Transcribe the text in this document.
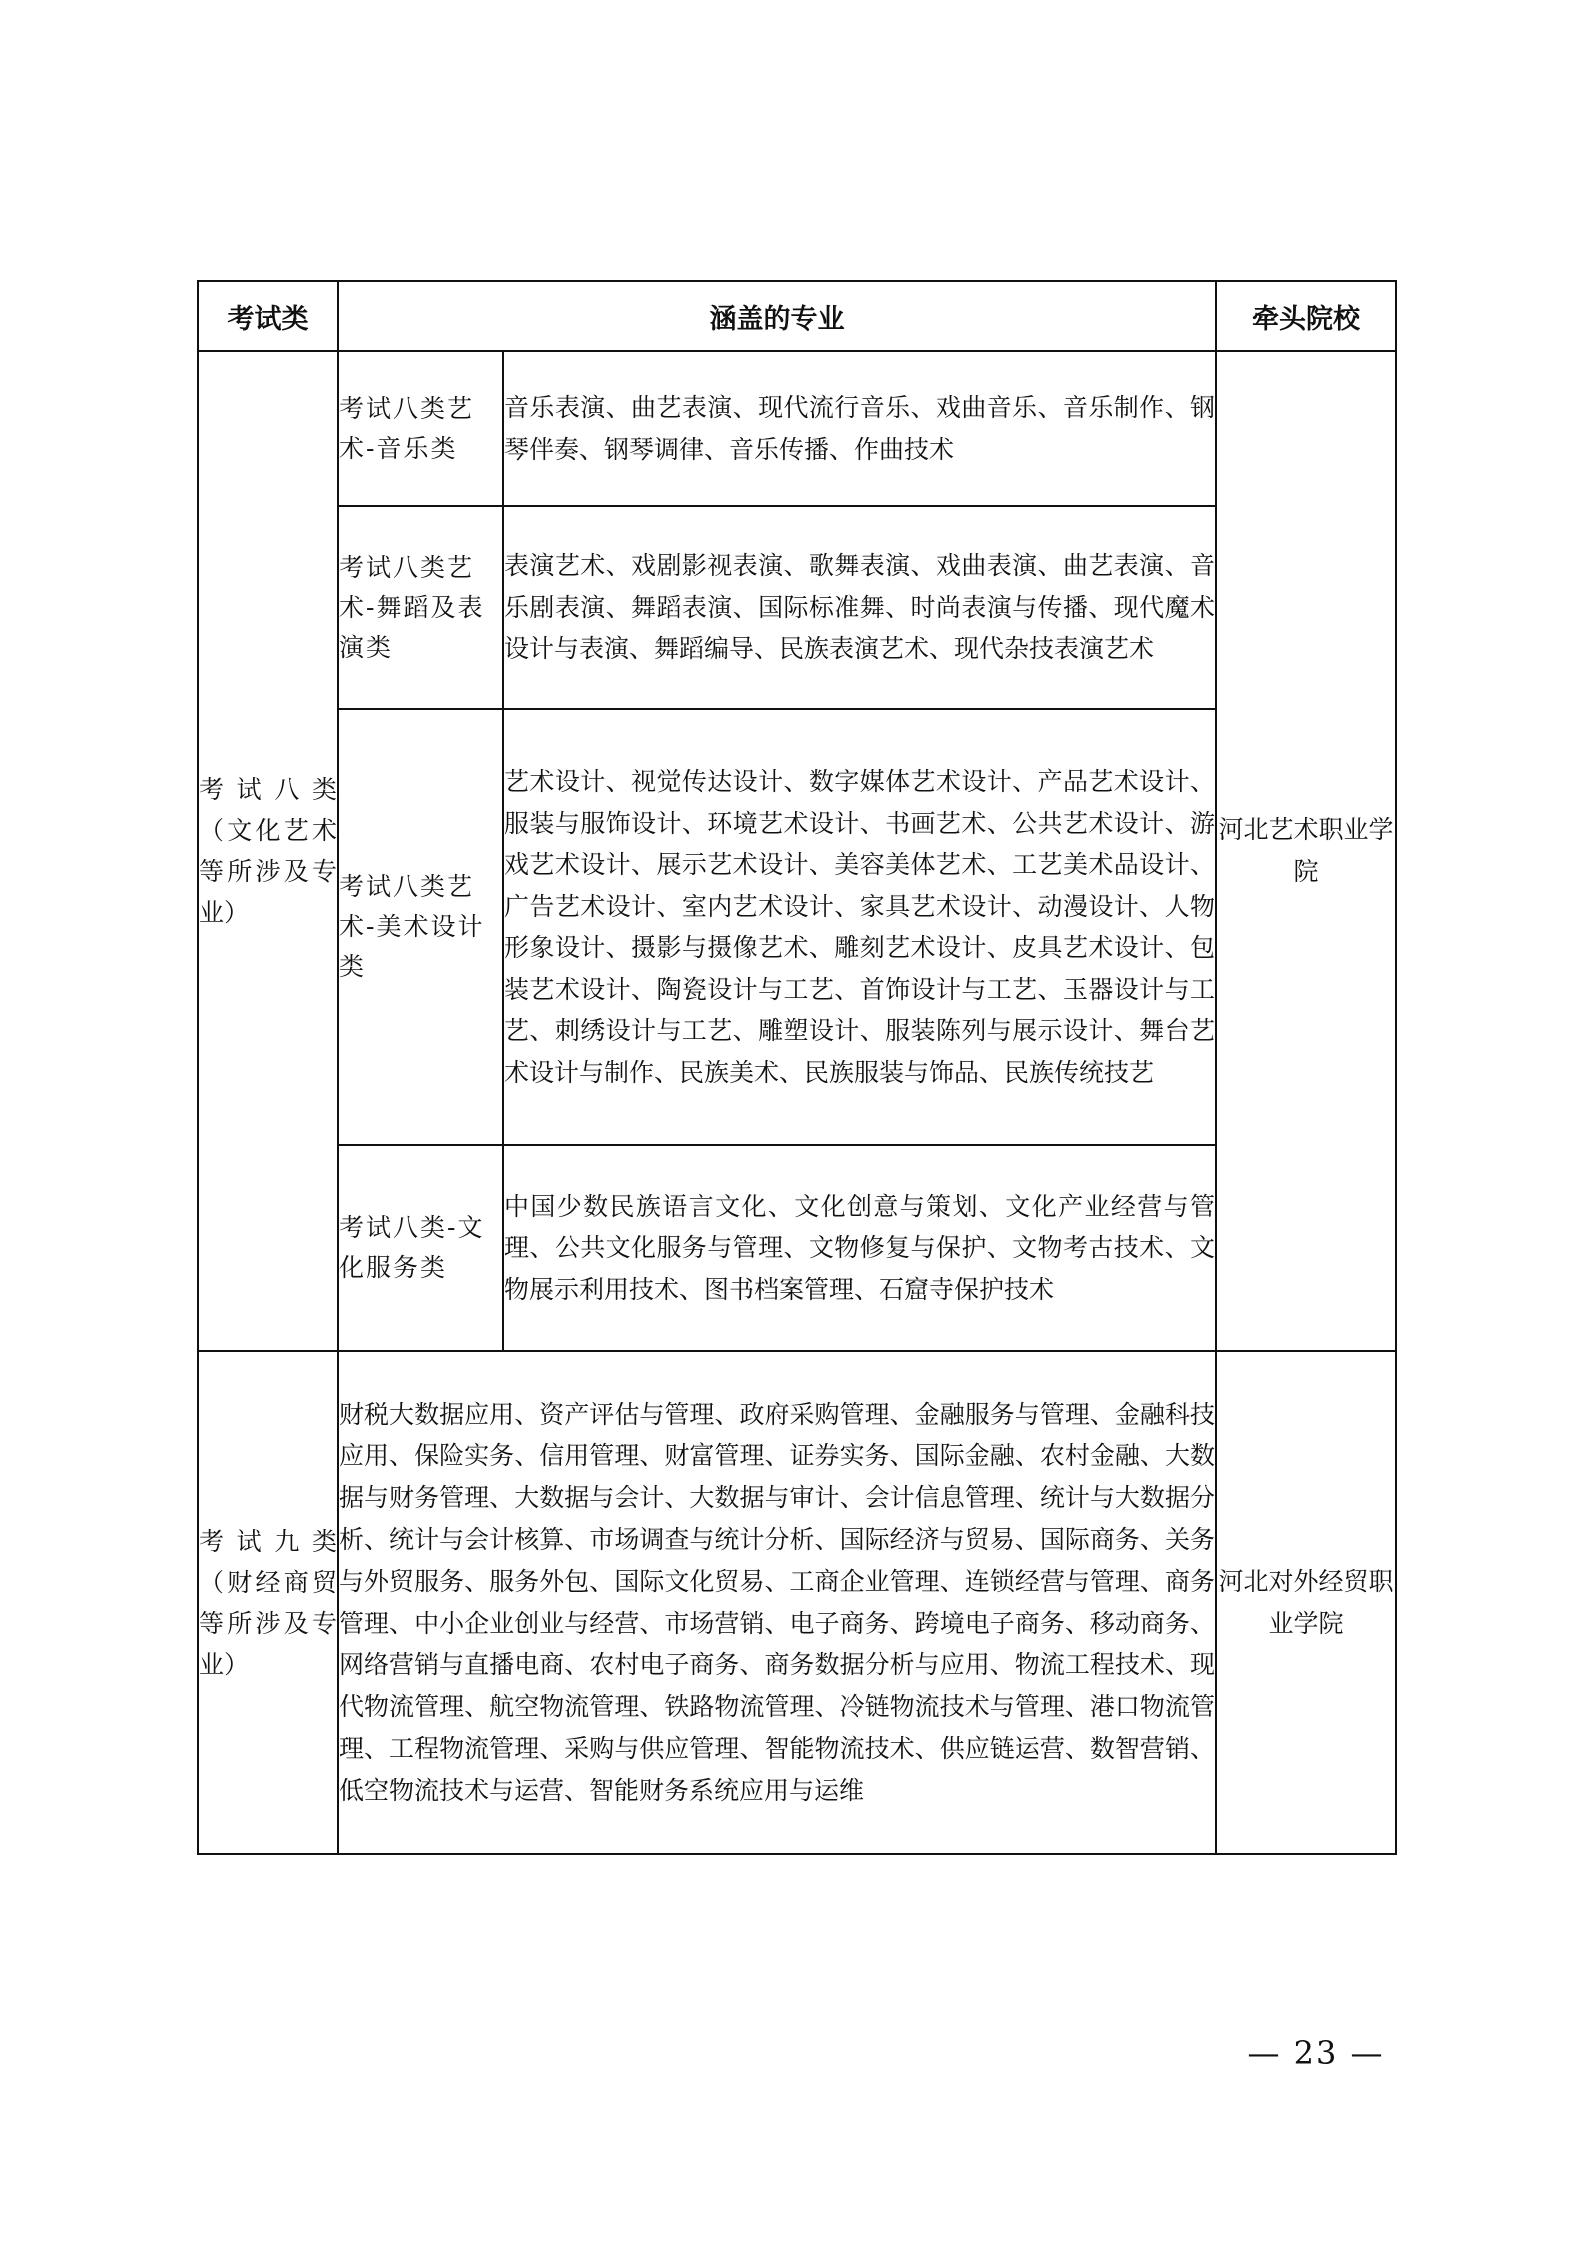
考试类	涵盖的专业		牵头院校
考试八类（文化艺术等所涉及专业）	考试八类艺术-音乐类	音乐表演、曲艺表演、现代流行音乐、戏曲音乐、音乐制作、钢琴伴奏、钢琴调律、音乐传播、作曲技术	河北艺术职业学院
	考试八类艺术-舞蹈及表演类	表演艺术、戏剧影视表演、歌舞表演、戏曲表演、曲艺表演、音乐剧表演、舞蹈表演、国际标准舞、时尚表演与传播、现代魔术设计与表演、舞蹈编导、民族表演艺术、现代杂技表演艺术	
	考试八类艺术-美术设计类	艺术设计、视觉传达设计、数字媒体艺术设计、产品艺术设计、服装与服饰设计、环境艺术设计、书画艺术、公共艺术设计、游戏艺术设计、展示艺术设计、美容美体艺术、工艺美术品设计、广告艺术设计、室内艺术设计、家具艺术设计、动漫设计、人物形象设计、摄影与摄像艺术、雕刻艺术设计、皮具艺术设计、包装艺术设计、陶瓷设计与工艺、首饰设计与工艺、玉器设计与工艺、刺绣设计与工艺、雕塑设计、服装陈列与展示设计、舞台艺术设计与制作、民族美术、民族服装与饰品、民族传统技艺	
	考试八类-文化服务类	中国少数民族语言文化、文化创意与策划、文化产业经营与管理、公共文化服务与管理、文物修复与保护、文物考古技术、文物展示利用技术、图书档案管理、石窟寺保护技术	
考试九类（财经商贸等所涉及专业）	财税大数据应用、资产评估与管理、政府采购管理、金融服务与管理、金融科技应用、保险实务、信用管理、财富管理、证券实务、国际金融、农村金融、大数据与财务管理、大数据与会计、大数据与审计、会计信息管理、统计与大数据分析、统计与会计核算、市场调查与统计分析、国际经济与贸易、国际商务、关务与外贸服务、服务外包、国际文化贸易、工商企业管理、连锁经营与管理、商务管理、中小企业创业与经营、市场营销、电子商务、跨境电子商务、移动商务、网络营销与直播电商、农村电子商务、商务数据分析与应用、物流工程技术、现代物流管理、航空物流管理、铁路物流管理、冷链物流技术与管理、港口物流管理、工程物流管理、采购与供应管理、智能物流技术、供应链运营、数智营销、低空物流技术与运营、智能财务系统应用与运维		河北对外经贸职业学院
— 23 —
